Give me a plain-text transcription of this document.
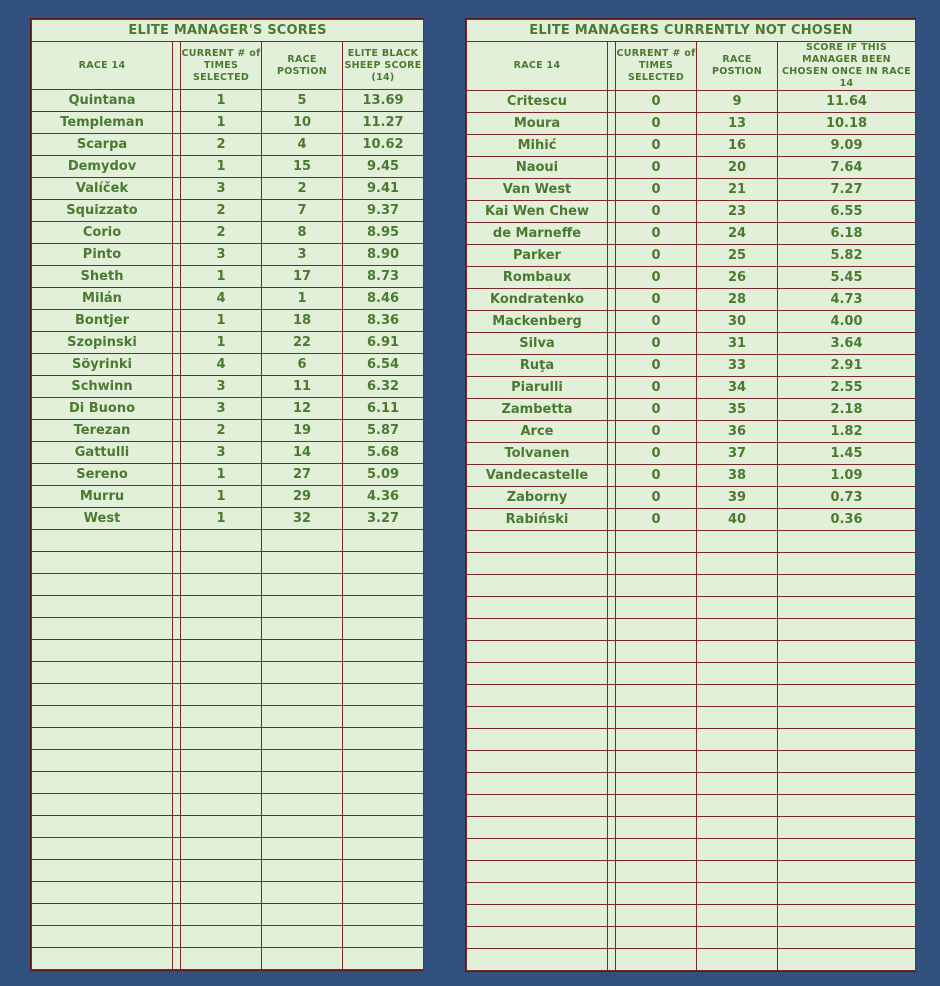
ELITE MANAGER'S SCORES				
RACE 14		CURRENT # of TIMES SELECTED	RACE POSTION	ELITE BLACK SHEEP SCORE (14)
Quintana		1	5	13.69
Templeman		1	10	11.27
Scarpa		2	4	10.62
Demydov		1	15	9.45
Valíček		3	2	9.41
Squizzato		2	7	9.37
Corio		2	8	8.95
Pinto		3	3	8.90
Sheth		1	17	8.73
Milán		4	1	8.46
Bontjer		1	18	8.36
Szopinski		1	22	6.91
Söyrinki		4	6	6.54
Schwinn		3	11	6.32
Di Buono		3	12	6.11
Terezan		2	19	5.87
Gattulli		3	14	5.68
Sereno		1	27	5.09
Murru		1	29	4.36
West		1	32	3.27

ELITE MANAGERS CURRENTLY NOT CHOSEN				
RACE 14		CURRENT # of TIMES SELECTED	RACE POSTION	SCORE IF THIS MANAGER BEEN CHOSEN ONCE IN RACE 14
Critescu		0	9	11.64
Moura		0	13	10.18
Mihić		0	16	9.09
Naoui		0	20	7.64
Van West		0	21	7.27
Kai Wen Chew		0	23	6.55
de Marneffe		0	24	6.18
Parker		0	25	5.82
Rombaux		0	26	5.45
Kondratenko		0	28	4.73
Mackenberg		0	30	4.00
Silva		0	31	3.64
Ruţa		0	33	2.91
Piarulli		0	34	2.55
Zambetta		0	35	2.18
Arce		0	36	1.82
Tolvanen		0	37	1.45
Vandecastelle		0	38	1.09
Zaborny		0	39	0.73
Rabiński		0	40	0.36
